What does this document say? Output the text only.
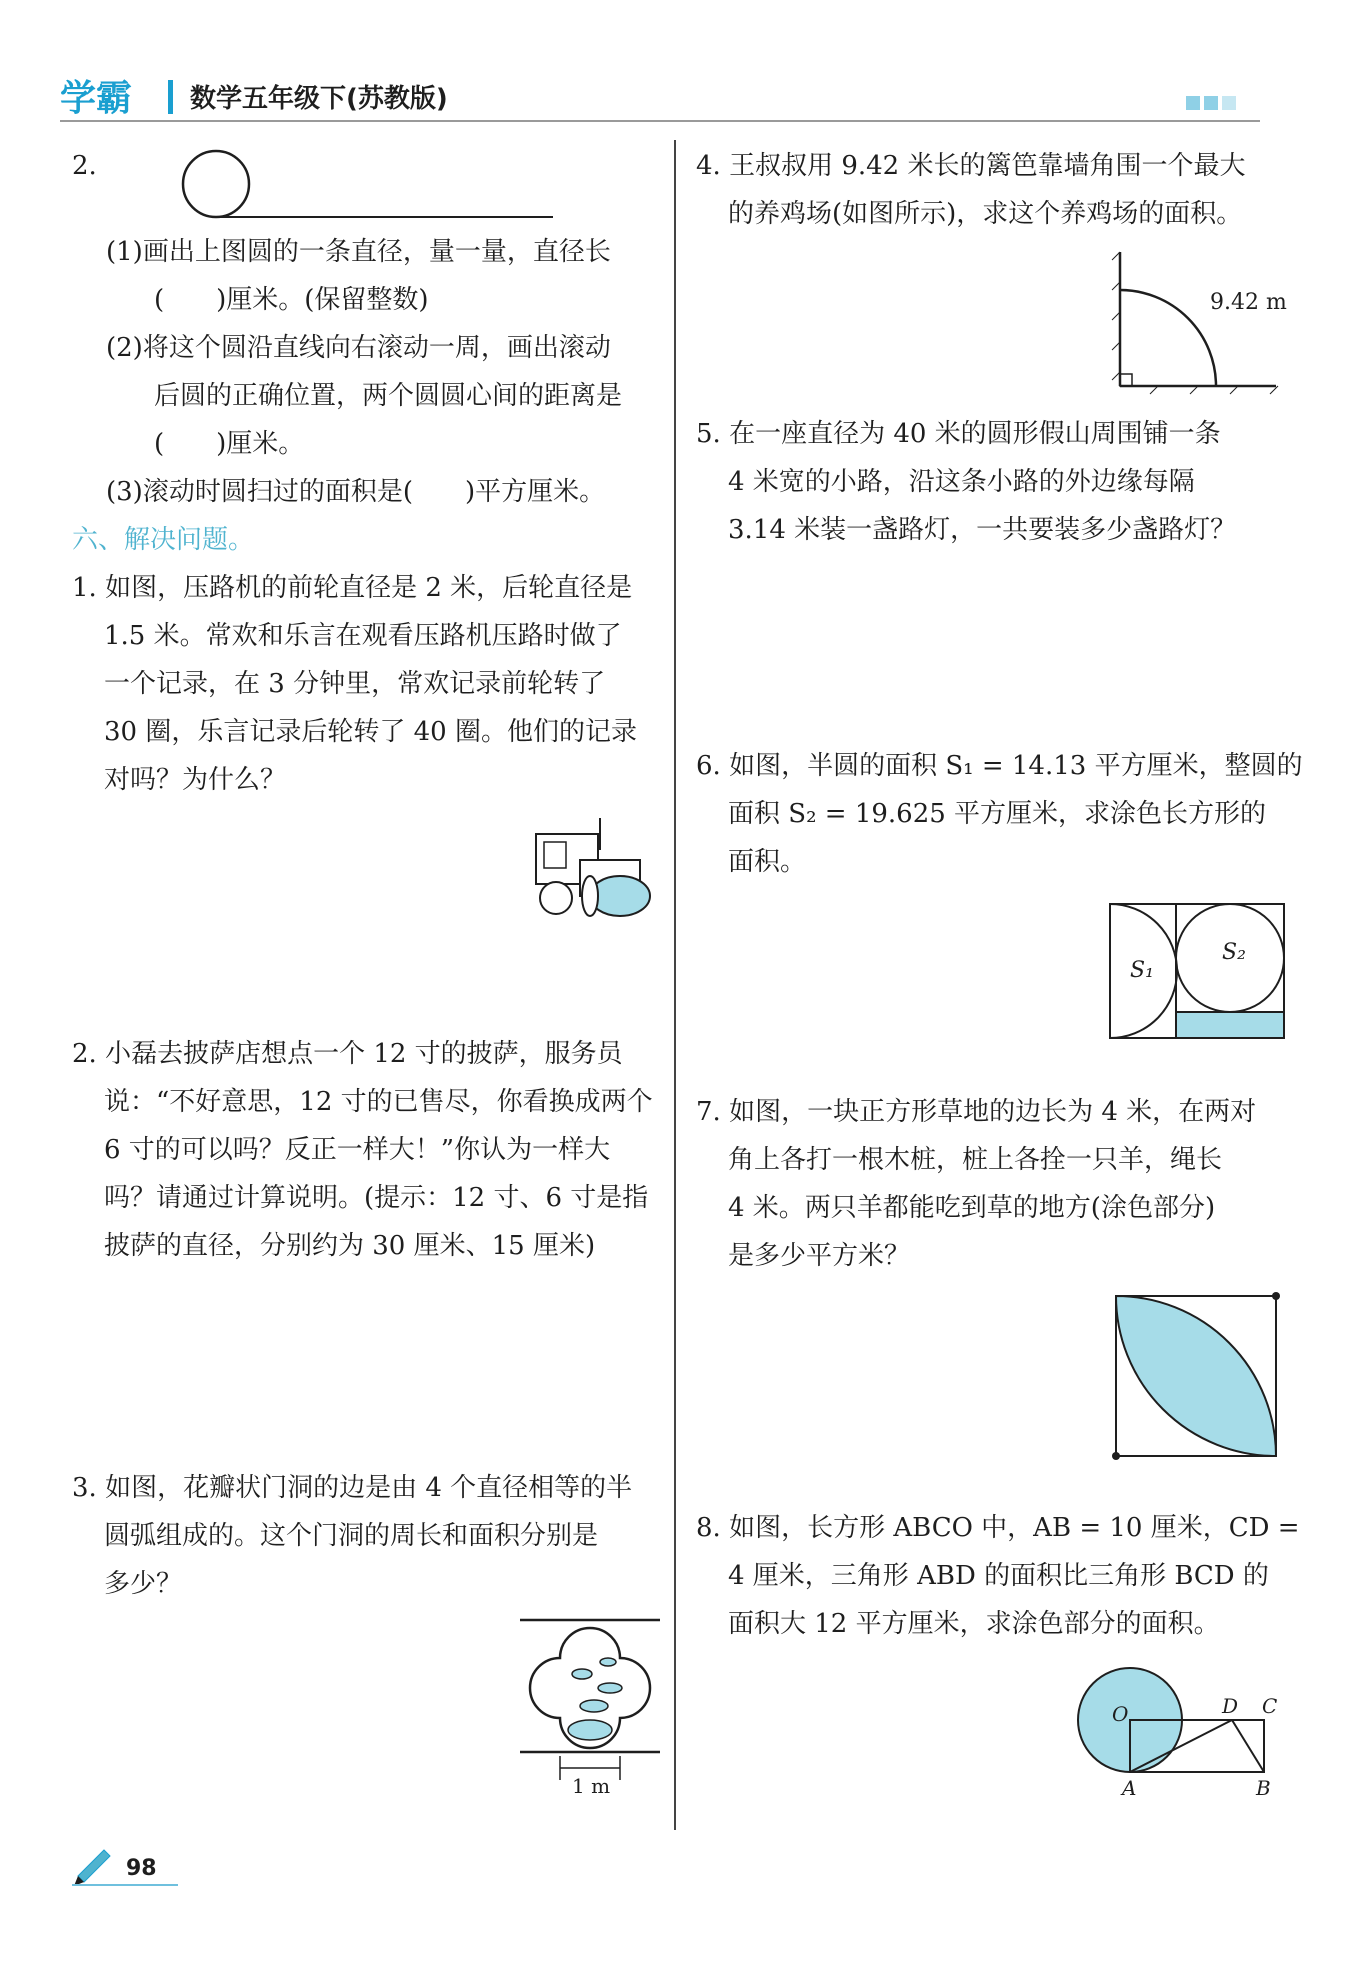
学霸 数学五年级下(苏教版)
2.
(1)画出上图圆的一条直径，量一量，直径长
(　　)厘米。(保留整数)
(2)将这个圆沿直线向右滚动一周，画出滚动
后圆的正确位置，两个圆圆心间的距离是
(　　)厘米。
(3)滚动时圆扫过的面积是(　　)平方厘米。
六、解决问题。
1. 如图，压路机的前轮直径是 2 米，后轮直径是
1.5 米。常欢和乐言在观看压路机压路时做了
一个记录，在 3 分钟里，常欢记录前轮转了
30 圈，乐言记录后轮转了 40 圈。他们的记录
对吗？为什么？
2. 小磊去披萨店想点一个 12 寸的披萨，服务员
说：“不好意思，12 寸的已售尽，你看换成两个
6 寸的可以吗？反正一样大！”你认为一样大
吗？请通过计算说明。(提示：12 寸、6 寸是指
披萨的直径，分别约为 30 厘米、15 厘米)
3. 如图，花瓣状门洞的边是由 4 个直径相等的半
圆弧组成的。这个门洞的周长和面积分别是
多少？
1 m
4. 王叔叔用 9.42 米长的篱笆靠墙角围一个最大
的养鸡场(如图所示)，求这个养鸡场的面积。
9.42 m
5. 在一座直径为 40 米的圆形假山周围铺一条
4 米宽的小路，沿这条小路的外边缘每隔
3.14 米装一盏路灯，一共要装多少盏路灯？
6. 如图，半圆的面积 S₁ = 14.13 平方厘米，整圆的
面积 S₂ = 19.625 平方厘米，求涂色长方形的
面积。
S₁
S₂
7. 如图，一块正方形草地的边长为 4 米，在两对
角上各打一根木桩，桩上各拴一只羊，绳长
4 米。两只羊都能吃到草的地方(涂色部分)
是多少平方米？
8. 如图，长方形 ABCO 中，AB = 10 厘米，CD =
4 厘米，三角形 ABD 的面积比三角形 BCD 的
面积大 12 平方厘米，求涂色部分的面积。
O	D C
A	B
98
